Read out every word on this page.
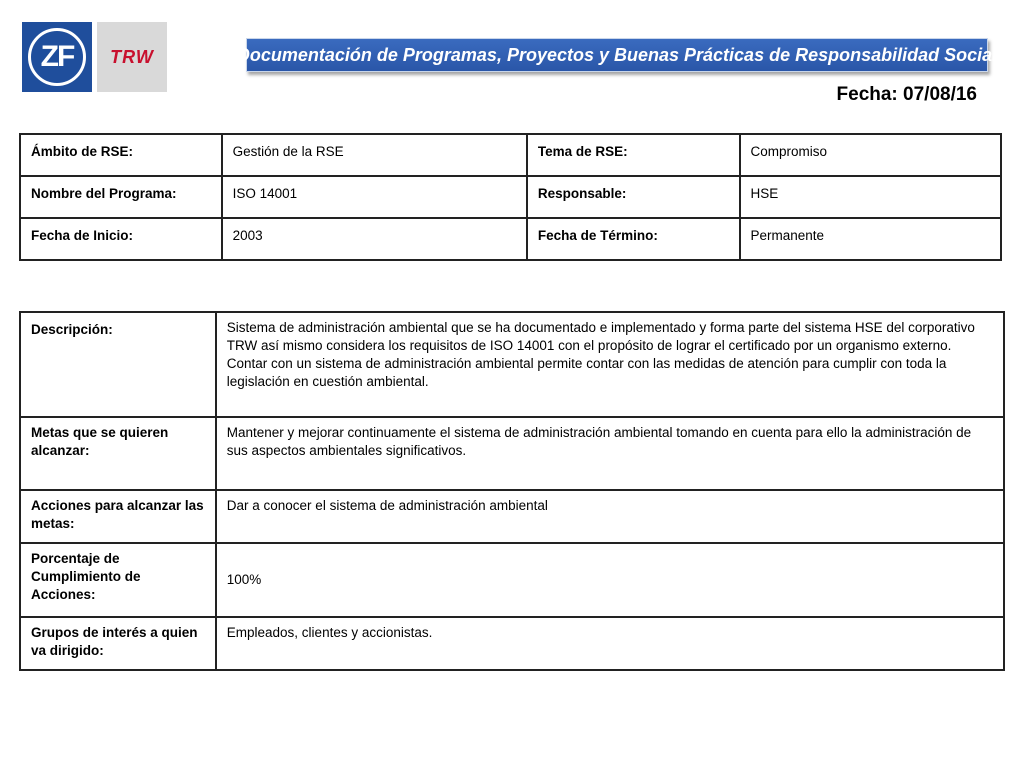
ZF TRW	Documentación de Programas, Proyectos y Buenas Prácticas de Responsabilidad Social
Fecha: 07/08/16
Ámbito de RSE:	Gestión de la RSE	Tema de RSE:	Compromiso
Nombre del Programa:	ISO 14001	Responsable:	HSE
Fecha de Inicio:	2003	Fecha de Término:	Permanente
Descripción:	Sistema de administración ambiental que se ha documentado e implementado y forma parte del sistema HSE del corporativo TRW así mismo considera los requisitos de ISO 14001 con el propósito de lograr el certificado por un organismo externo.
Contar con un sistema de administración ambiental permite contar con las medidas de atención para cumplir con toda la legislación en cuestión ambiental.

Metas que se quieren alcanzar:	Mantener y mejorar continuamente el sistema de administración ambiental tomando en cuenta para ello la administración de sus aspectos ambientales significativos.
Acciones para alcanzar las metas:	Dar a conocer el sistema de administración ambiental
Porcentaje de Cumplimiento de Acciones:	100%
Grupos de interés a quien va dirigido:	Empleados, clientes y accionistas.
